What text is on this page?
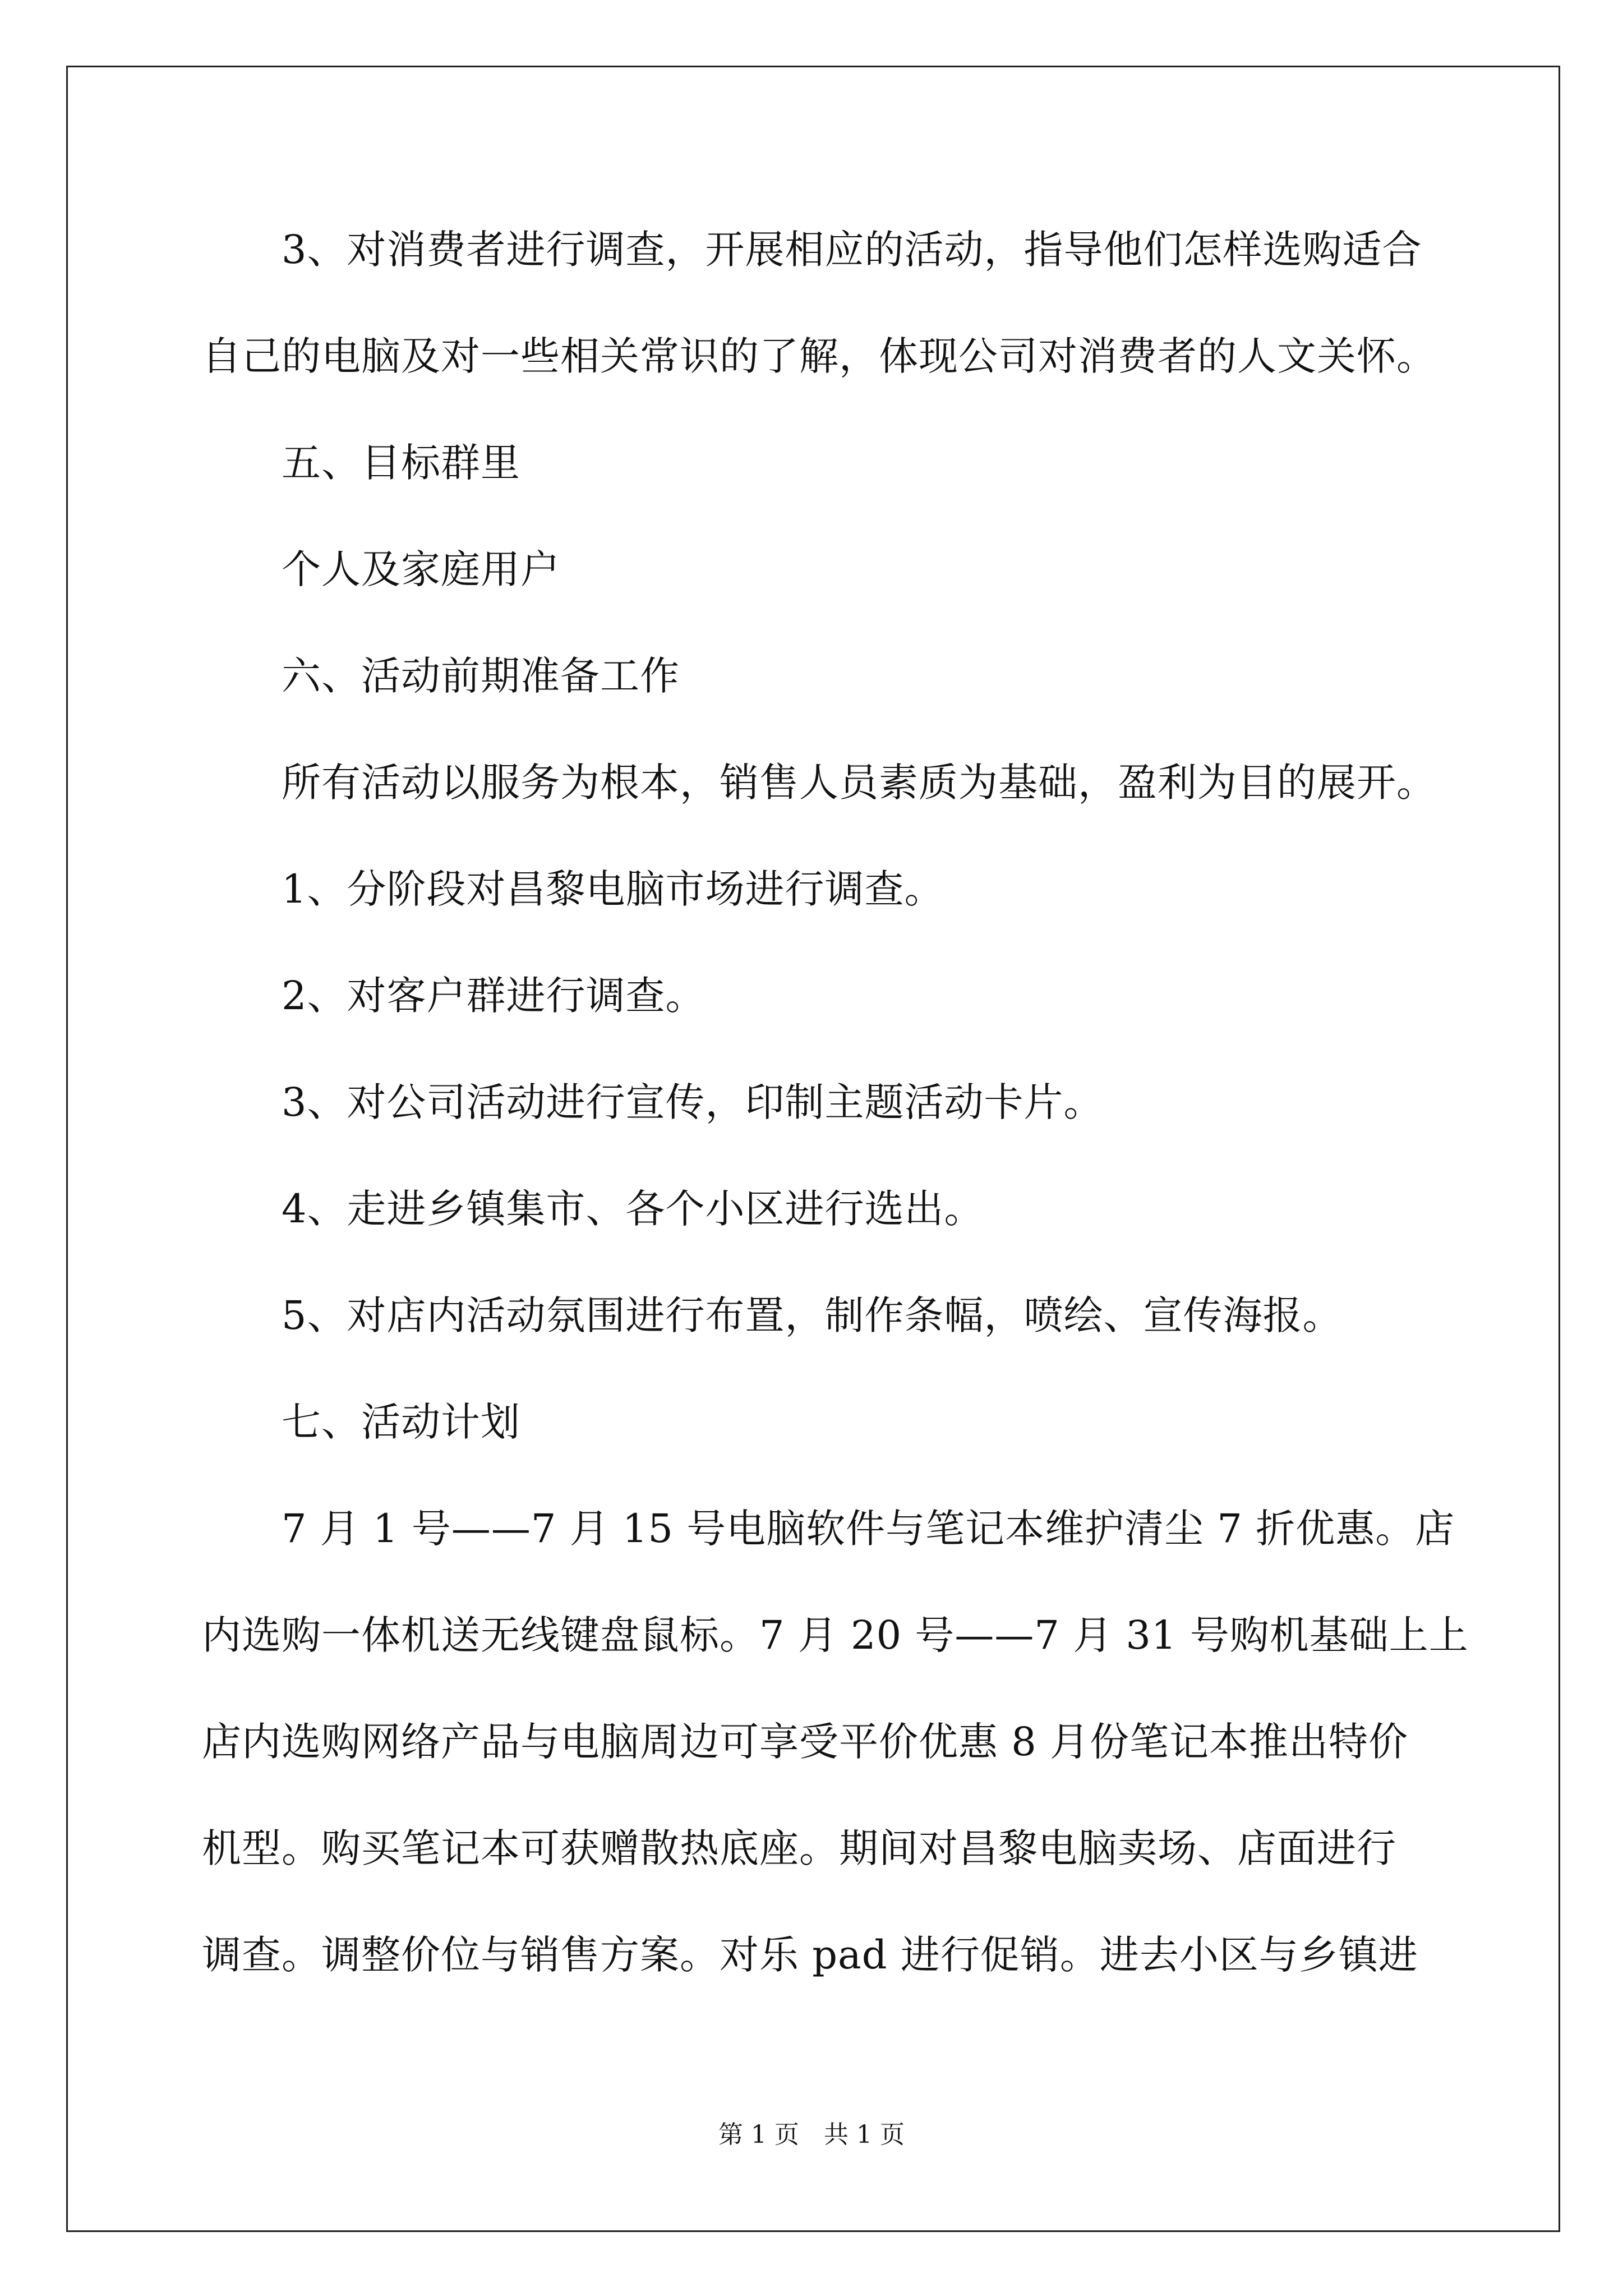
3、对消费者进行调查，开展相应的活动，指导他们怎样选购适合
自己的电脑及对一些相关常识的了解，体现公司对消费者的人文关怀。
五、目标群里
个人及家庭用户
六、活动前期准备工作
所有活动以服务为根本，销售人员素质为基础，盈利为目的展开。
1、分阶段对昌黎电脑市场进行调查。
2、对客户群进行调查。
3、对公司活动进行宣传，印制主题活动卡片。
4、走进乡镇集市、各个小区进行选出。
5、对店内活动氛围进行布置，制作条幅，喷绘、宣传海报。
七、活动计划
7 月 1 号——7 月 15 号电脑软件与笔记本维护清尘 7 折优惠。店
内选购一体机送无线键盘鼠标。7 月 20 号——7 月 31 号购机基础上上
店内选购网络产品与电脑周边可享受平价优惠 8 月份笔记本推出特价
机型。购买笔记本可获赠散热底座。期间对昌黎电脑卖场、店面进行
调查。调整价位与销售方案。对乐 pad 进行促销。进去小区与乡镇进
第 1 页　共 1 页
